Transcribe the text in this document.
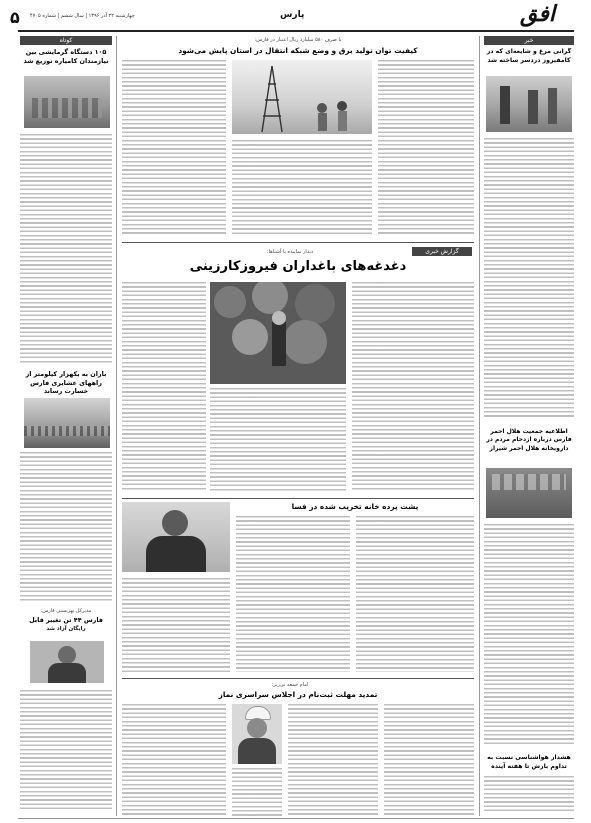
۵ چهارشنبه ۲۲ آذر ۱۳۹۶ | سال ششم | شماره ۴۷۰۵	پارس	افق
کوتاه
۱۰۵ دستگاه گرمایشی بین نیازمندان کامیاره توزیع شد
باران به یکهزار کیلومتر از راههای عشایری فارس خسارت رساند
مدیرکل بهزیستی فارس:
فارس ۴۴ تن تغییر قابل
رایگان آزاد شد
خبر
گرانی مرغ و شایعه‌ای که در کامفیروز دردسر ساخته شد
اطلاعیه جمعیت هلال احمر فارس درباره ازدحام مردم در دارویخانه هلال احمر شیراز
هشدار هواشناسی نسبت به تداوم بارش تا هفته آینده
با صرف ۵۸۰ میلیارد ریال اعتبار در فارس:
کیفیت توان تولید برق و وضع شبکه انتقال در استان پایش می‌شود
گزارش خبری
دیدار نماینده با آشناها:
دغدغه‌های باغداران فیروزکارزینی
پشت پرده خانه تخریب شده در فسا
امام جمعه نی‌ریز:
تمدید مهلت ثبت‌نام در اجلاس سراسری نماز
